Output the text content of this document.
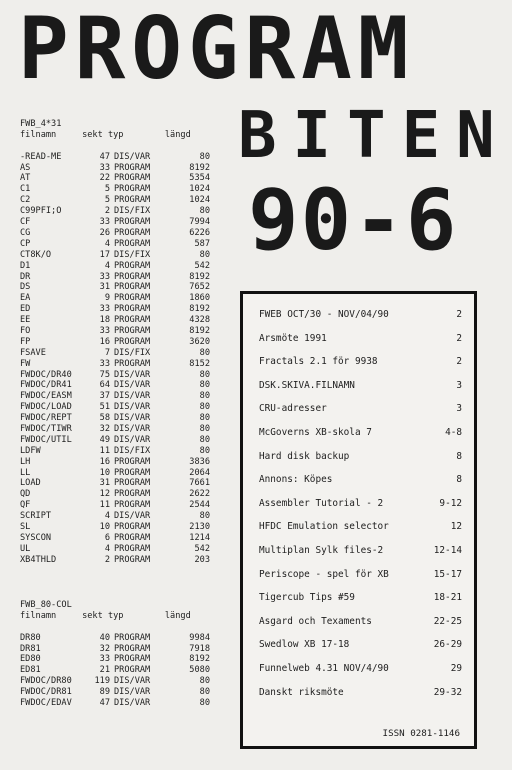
PROGRAM
BITEN
90-6
FWB_4*31
filnamn     sekt typ        längd
-READ-ME	47 DIS/VAR	80
AS	33 PROGRAM	8192
AT	22 PROGRAM	5354
C1	5 PROGRAM	1024
C2	5 PROGRAM	1024
C99PFI;O	2 DIS/FIX	80
CF	33 PROGRAM	7994
CG	26 PROGRAM	6226
CP	4 PROGRAM	587
CT8K/O	17 DIS/FIX	80
D1	4 PROGRAM	542
DR	33 PROGRAM	8192
DS	31 PROGRAM	7652
EA	9 PROGRAM	1860
ED	33 PROGRAM	8192
EE	18 PROGRAM	4328
FO	33 PROGRAM	8192
FP	16 PROGRAM	3620
FSAVE	7 DIS/FIX	80
FW	33 PROGRAM	8152
FWDOC/DR40	75 DIS/VAR	80
FWDOC/DR41	64 DIS/VAR	80
FWDOC/EASM	37 DIS/VAR	80
FWDOC/LOAD	51 DIS/VAR	80
FWDOC/REPT	58 DIS/VAR	80
FWDOC/TIWR	32 DIS/VAR	80
FWDOC/UTIL	49 DIS/VAR	80
LDFW	11 DIS/FIX	80
LH	16 PROGRAM	3836
LL	10 PROGRAM	2064
LOAD	31 PROGRAM	7661
QD	12 PROGRAM	2622
QF	11 PROGRAM	2544
SCRIPT	4 DIS/VAR	80
SL	10 PROGRAM	2130
SYSCON	6 PROGRAM	1214
UL	4 PROGRAM	542
XB4THLD	2 PROGRAM	203
FWB_80-COL
filnamn     sekt typ        längd
DR80	40 PROGRAM	9984
DR81	32 PROGRAM	7918
ED80	33 PROGRAM	8192
ED81	21 PROGRAM	5080
FWDOC/DR80	119 DIS/VAR	80
FWDOC/DR81	89 DIS/VAR	80
FWDOC/EDAV	47 DIS/VAR	80
FWEB OCT/30 - NOV/04/90	2
Arsmöte 1991	2
Fractals 2.1 för 9938	2
DSK.SKIVA.FILNAMN	3
CRU-adresser	3
McGoverns XB-skola 7	4-8
Hard disk backup	8
Annons: Köpes	8
Assembler Tutorial - 2	9-12
HFDC Emulation selector	12
Multiplan Sylk files-2	12-14
Periscope - spel för XB	15-17
Tigercub Tips #59	18-21
Asgard och Texaments	22-25
Swedlow XB 17-18	26-29
Funnelweb 4.31 NOV/4/90	29
Danskt riksmöte	29-32
ISSN 0281-1146
